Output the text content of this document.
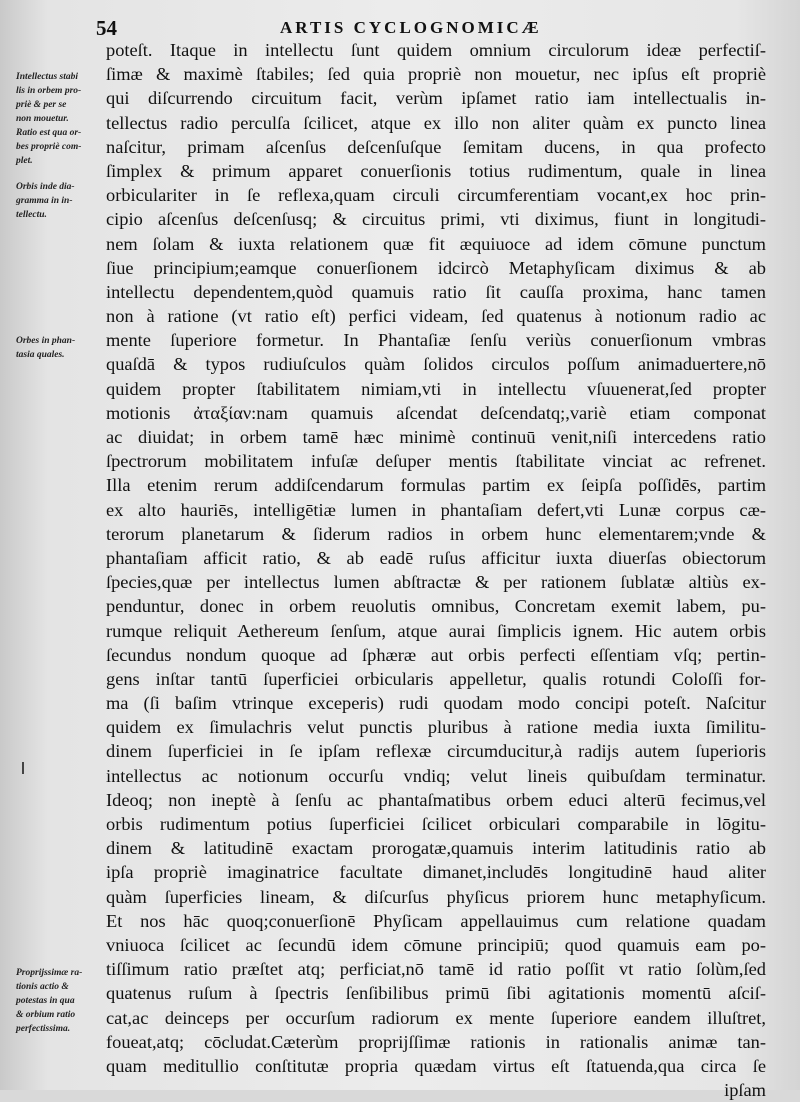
54	ARTIS CYCLOGNOMICÆ
Intellectus stabi
lis in orbem pro-
priè & per se
non mouetur.
Ratio est qua or-
bes propriè com-
plet.
Orbis inde dia-
gramma in in-
tellectu.
Orbes in phan-
tasia quales.
Proprijssimæ ra-
tionis actio &
potestas in qua
& orbium ratio
perfectissima.
poteſt. Itaque in intellectu ſunt quidem omnium circulorum ideæ perfectiſ-
ſimæ & maximè ſtabiles; ſed quia propriè non mouetur, nec ipſus eſt propriè
qui diſcurrendo circuitum facit, verùm ipſamet ratio iam intellectualis in-
tellectus radio perculſa ſcilicet, atque ex illo non aliter quàm ex puncto linea
naſcitur, primam aſcenſus deſcenſuſque ſemitam ducens, in qua profecto
ſimplex & primum apparet conuerſionis totius rudimentum, quale in linea
orbiculariter in ſe reflexa,quam circuli circumferentiam vocant,ex hoc prin-
cipio aſcenſus deſcenſusq; & circuitus primi, vti diximus, fiunt in longitudi-
nem ſolam & iuxta relationem quæ fit æquiuoce ad idem cōmune punctum
ſiue principium;eamque conuerſionem idcircò Metaphyſicam diximus & ab
intellectu dependentem,quòd quamuis ratio ſit cauſſa proxima, hanc tamen
non à ratione (vt ratio eſt) perfici videam, ſed quatenus à notionum radio ac
mente ſuperiore formetur. In Phantaſiæ ſenſu veriùs conuerſionum vmbras
quaſdā & typos rudiuſculos quàm ſolidos circulos poſſum animaduertere,nō
quidem propter ſtabilitatem nimiam,vti in intellectu vſuuenerat,ſed propter
motionis ἀταξίαν:nam quamuis aſcendat deſcendatq;,variè etiam componat
ac diuidat; in orbem tamē hæc minimè continuū venit,niſi intercedens ratio
ſpectrorum mobilitatem infuſæ deſuper mentis ſtabilitate vinciat ac refrenet.
Illa etenim rerum addiſcendarum formulas partim ex ſeipſa poſſidēs, partim
ex alto hauriēs, intelligētiæ lumen in phantaſiam defert,vti Lunæ corpus cæ-
terorum planetarum & ſiderum radios in orbem hunc elementarem;vnde &
phantaſiam afficit ratio, & ab eadē ruſus afficitur iuxta diuerſas obiectorum
ſpecies,quæ per intellectus lumen abſtractæ & per rationem ſublatæ altiùs ex-
penduntur, donec in orbem reuolutis omnibus, Concretam exemit labem, pu-
rumque reliquit Aethereum ſenſum, atque aurai ſimplicis ignem. Hic autem orbis
ſecundus nondum quoque ad ſphæræ aut orbis perfecti eſſentiam vſq; pertin-
gens inſtar tantū ſuperficiei orbicularis appelletur, qualis rotundi Coloſſi for-
ma (ſi baſim vtrinque exceperis) rudi quodam modo concipi poteſt. Naſcitur
quidem ex ſimulachris velut punctis pluribus à ratione media iuxta ſimilitu-
dinem ſuperficiei in ſe ipſam reflexæ circumducitur,à radijs autem ſuperioris
intellectus ac notionum occurſu vndiq; velut lineis quibuſdam terminatur.
Ideoq; non ineptè à ſenſu ac phantaſmatibus orbem educi alterū fecimus,vel
orbis rudimentum potius ſuperficiei ſcilicet orbiculari comparabile in lōgitu-
dinem & latitudinē exactam prorogatæ,quamuis interim latitudinis ratio ab
ipſa propriè imaginatrice facultate dimanet,includēs longitudinē haud aliter
quàm ſuperficies lineam, & diſcurſus phyſicus priorem hunc metaphyſicum.
Et nos hāc quoq;conuerſionē Phyſicam appellauimus cum relatione quadam
vniuoca ſcilicet ac ſecundū idem cōmune principiū; quod quamuis eam po-
tiſſimum ratio præſtet atq; perficiat,nō tamē id ratio poſſit vt ratio ſolùm,ſed
quatenus ruſum à ſpectris ſenſibilibus primū ſibi agitationis momentū aſciſ-
cat,ac deinceps per occurſum radiorum ex mente ſuperiore eandem illuſtret,
foueat,atq; cōcludat.Cæterùm proprijſſimæ rationis in rationalis animæ tan-
quam meditullio conſtitutæ propria quædam virtus eſt ſtatuenda,qua circa ſe
ipſam
